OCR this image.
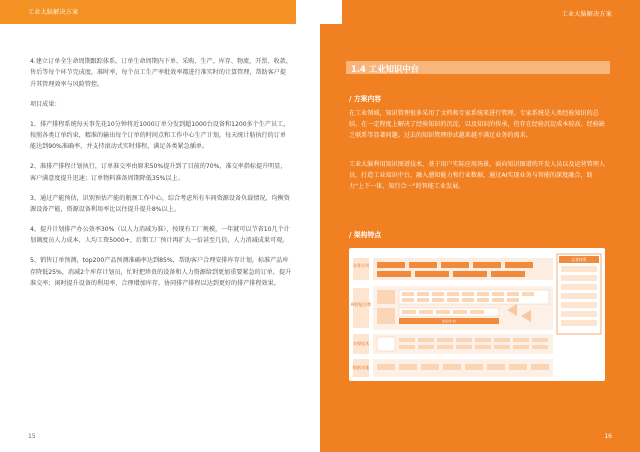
工业大脑解决方案

4.建立订单全生命周期跟踪体系。订单生命周期内下单、采购、生产、库存、物流、开票、收款、售后等每个环节完成度，准时率，每个员工生产率批效率都进行准实时的计算管理，帮助客户提升其管理效率与风险管控。

项目成果：

1、排产排程系统每天事先花10分钟将近1000订单分发到超1000台设备和1200多个生产员工，按照各类订单约束，精准的输出每个订单的时间点和工作中心生产计划，每天统计舫执行的订单能达到90%准确率，并支持滚动式实时排程，满足各类紧急插单。

2、准排产排程计划执行，订单准交率由原来50%提升到了目前的70%，准交率指标提升明显，客户满意度提升迅速；订单物料准备周期降低35%以上。

3、通过产能预估，识别预估产能的瓶颈工作中心，综合考虑所有车间资源设备负载情况，均衡资源设备产能，资源设备利用率比以往提升提升8%以上。

4、提升计划排产办公效率30%（以人力消减为准），按现有工厂规模，一年就可以节省10几个计划调度员人力成本，人均工资5000+，后期工厂预计再扩大一倍甚至几倍，人力消减成果可观。

5、销售订单预测，top200产品预测准确率达到85%，帮助客户合理安排库存计划，标准产品库存降低25%，消减2个库存计划员，忙时把珍贵的设备和人力资源给到更加重要紧急的订单，提升准交率；闲时提升设备的利用率，合理增加库存。协同排产排程以达到更好的排产排程效果。

15
工业大脑解决方案
1.4 工业知识中台
/ 方案内容

在工业领域，知识管理很多采用了文档和专家系统来进行管理。专家系统是人类经验知识的总结，在一定程度上解决了经验知识的沉淀，以及知识的传承，但存在经验沉淀成本较高、经验缺乏联系等显著问题。过去的知识管理形式越来越不满足业务的需求。

工业大脑利用知识图谱技术，基于用户实际应用场景，面向知识图谱的开发人员以及运营管理人员，打造工业知识中台，融入感知能力和行业数据，通过AI实现业务与智能的深度融合，助力"上下一体、知行合一"的智能工业发展。

/ 架构特点
业务应用
AI智能引擎
支撑技术
数据采集
知识中台
运营体系
16
